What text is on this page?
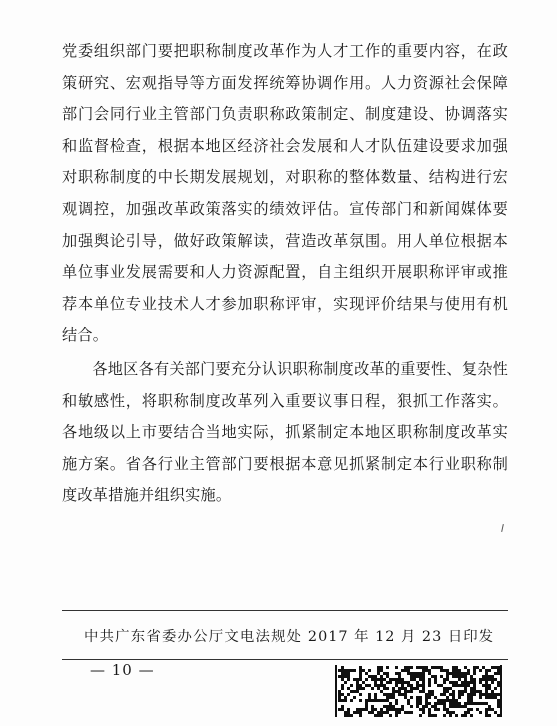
党委组织部门要把职称制度改革作为人才工作的重要内容，在政策研究、宏观指导等方面发挥统筹协调作用。人力资源社会保障部门会同行业主管部门负责职称政策制定、制度建设、协调落实和监督检查，根据本地区经济社会发展和人才队伍建设要求加强对职称制度的中长期发展规划，对职称的整体数量、结构进行宏观调控，加强改革政策落实的绩效评估。宣传部门和新闻媒体要加强舆论引导，做好政策解读，营造改革氛围。用人单位根据本单位事业发展需要和人力资源配置，自主组织开展职称评审或推荐本单位专业技术人才参加职称评审，实现评价结果与使用有机结合。

各地区各有关部门要充分认识职称制度改革的重要性、复杂性和敏感性，将职称制度改革列入重要议事日程，狠抓工作落实。各地级以上市要结合当地实际，抓紧制定本地区职称制度改革实施方案。省各行业主管部门要根据本意见抓紧制定本行业职称制度改革措施并组织实施。

中共广东省委办公厅文电法规处 2017 年 12 月 23 日印发
— 10 —
